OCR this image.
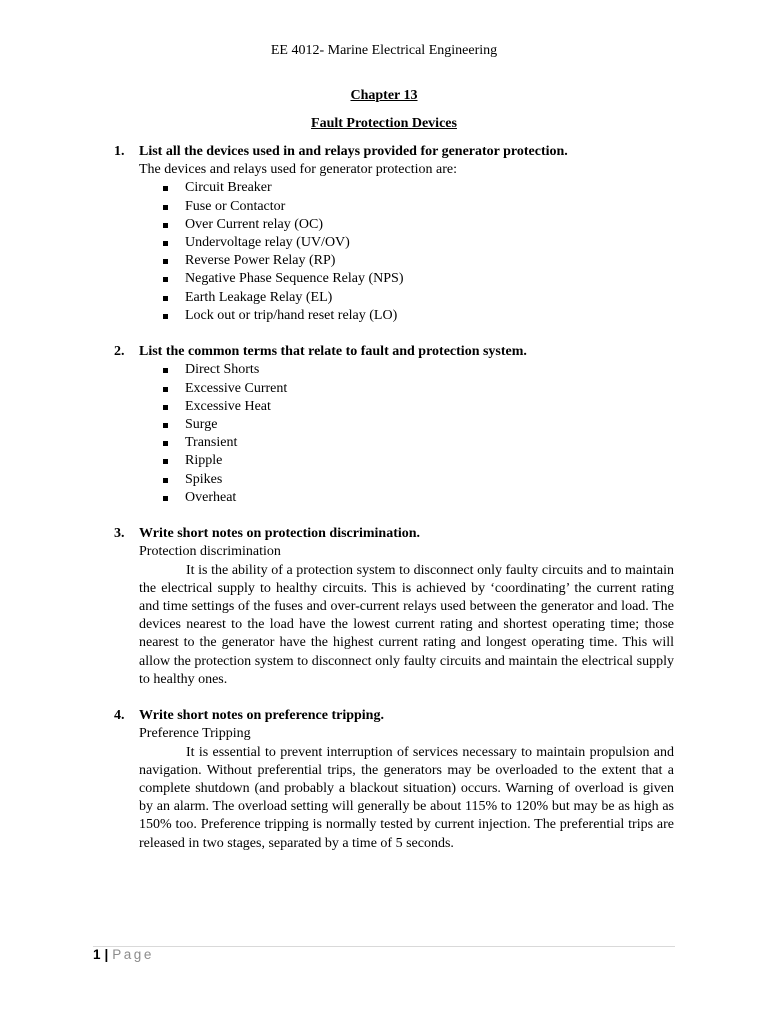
EE 4012- Marine Electrical Engineering
Chapter 13
Fault Protection Devices
1. List all the devices used in and relays provided for generator protection.
The devices and relays used for generator protection are:
Circuit Breaker
Fuse or Contactor
Over Current relay (OC)
Undervoltage relay (UV/OV)
Reverse Power Relay (RP)
Negative Phase Sequence Relay (NPS)
Earth Leakage Relay (EL)
Lock out or trip/hand reset relay (LO)
2. List the common terms that relate to fault and protection system.
Direct Shorts
Excessive Current
Excessive Heat
Surge
Transient
Ripple
Spikes
Overheat
3. Write short notes on protection discrimination.
Protection discrimination
It is the ability of a protection system to disconnect only faulty circuits and to maintain the electrical supply to healthy circuits. This is achieved by ‘coordinating’ the current rating and time settings of the fuses and over-current relays used between the generator and load. The devices nearest to the load have the lowest current rating and shortest operating time; those nearest to the generator have the highest current rating and longest operating time. This will allow the protection system to disconnect only faulty circuits and maintain the electrical supply to healthy ones.
4. Write short notes on preference tripping.
Preference Tripping
It is essential to prevent interruption of services necessary to maintain propulsion and navigation. Without preferential trips, the generators may be overloaded to the extent that a complete shutdown (and probably a blackout situation) occurs. Warning of overload is given by an alarm. The overload setting will generally be about 115% to 120% but may be as high as 150% too. Preference tripping is normally tested by current injection. The preferential trips are released in two stages, separated by a time of 5 seconds.
1 | Page
